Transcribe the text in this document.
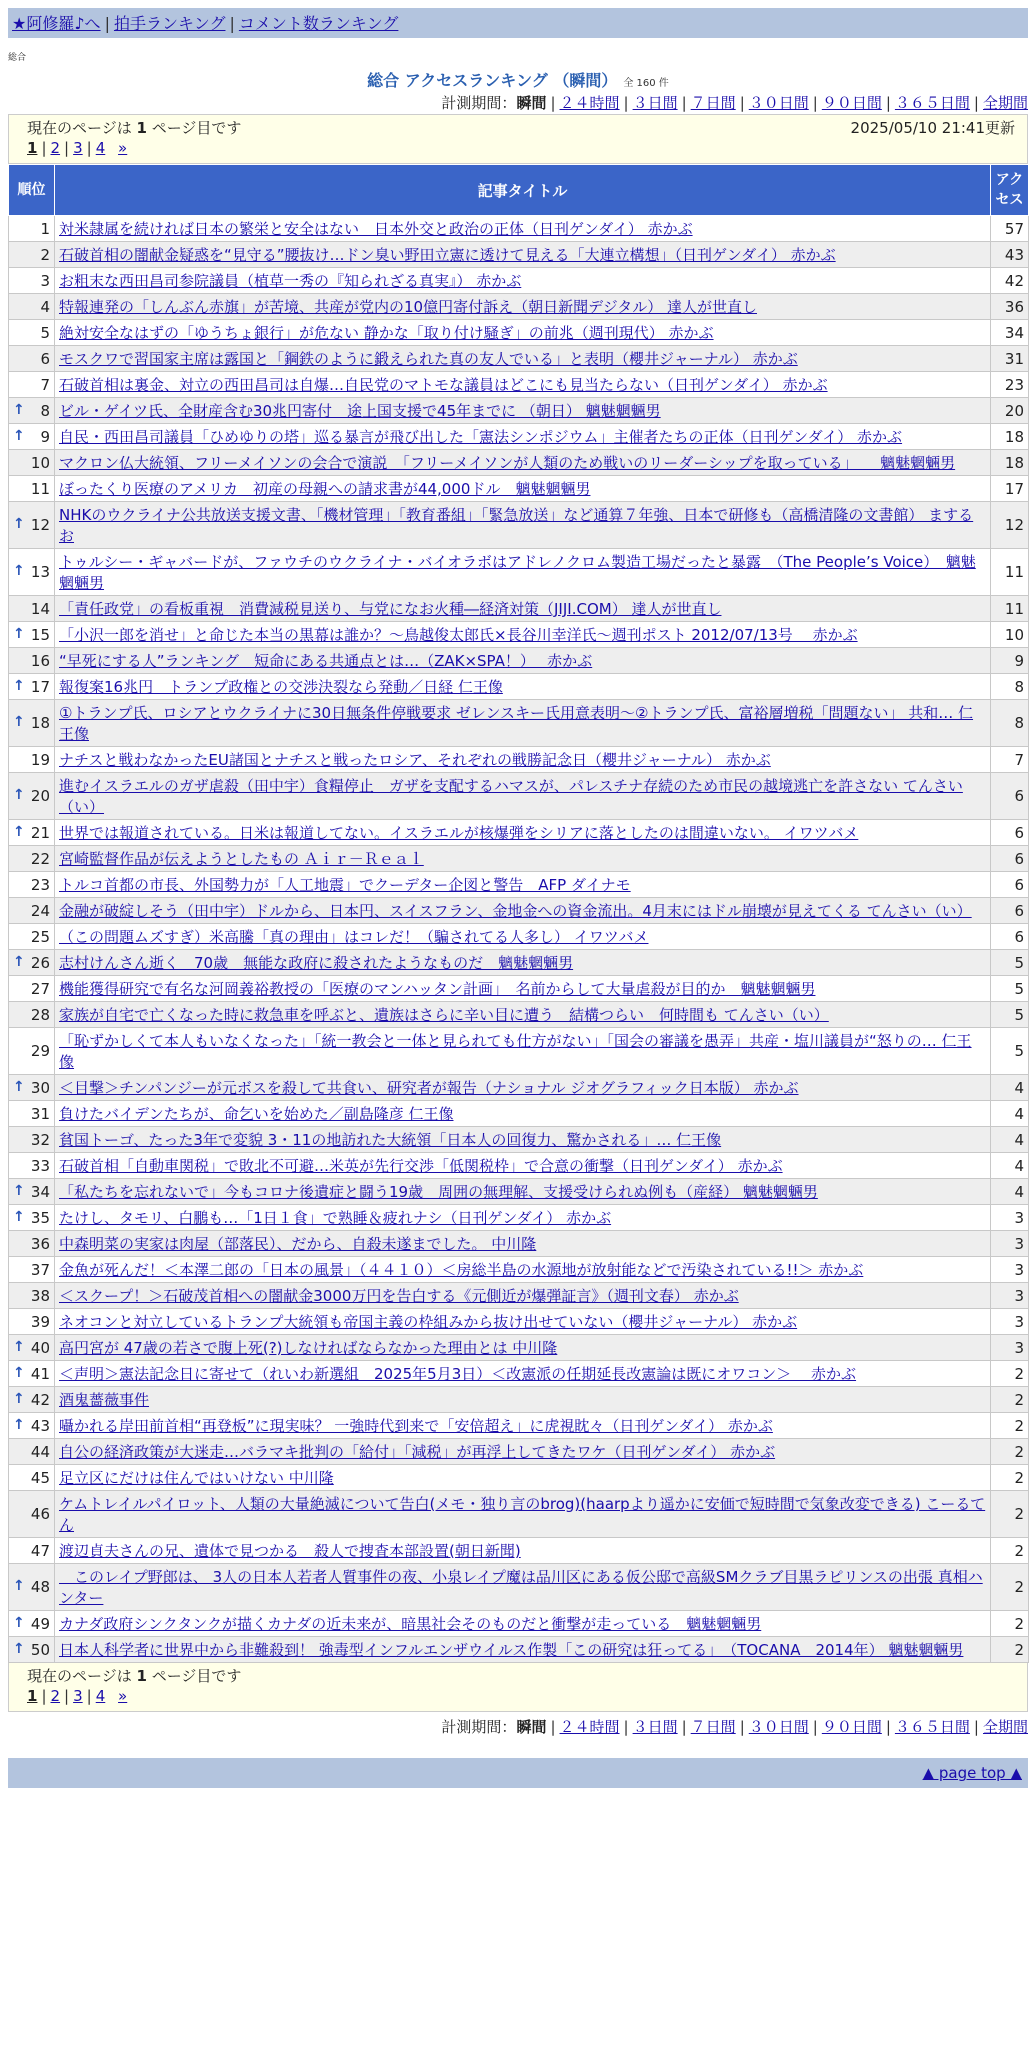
★阿修羅♪へ | 拍手ランキング | コメント数ランキング
総合
総合 アクセスランキング （瞬間） 全 160 件
計測期間：瞬間 | ２４時間 | ３日間 | ７日間 | ３０日間 | ９０日間 | ３６５日間 | 全期間
現在のページは 1 ページ目です	2025/05/10 21:41更新
1 | 2 | 3 | 4 »
順位	記事タイトル	アクセス
1	対米隷属を続ければ日本の繁栄と安全はない　日本外交と政治の正体（日刊ゲンダイ） 赤かぶ	57
2	石破首相の闇献金疑惑を“見守る”腰抜け…ドン臭い野田立憲に透けて見える「大連立構想」（日刊ゲンダイ） 赤かぶ	43
3	お粗末な西田昌司参院議員（植草一秀の『知られざる真実』） 赤かぶ	42
4	特報連発の「しんぶん赤旗」が苦境、共産が党内の10億円寄付訴え（朝日新聞デジタル） 達人が世直し	36
5	絶対安全なはずの「ゆうちょ銀行」が危ない 静かな「取り付け騒ぎ」の前兆（週刊現代） 赤かぶ	34
6	モスクワで習国家主席は露国と「鋼鉄のように鍛えられた真の友人でいる」と表明（櫻井ジャーナル） 赤かぶ	31
7	石破首相は裏金、対立の西田昌司は自爆…自民党のマトモな議員はどこにも見当たらない（日刊ゲンダイ） 赤かぶ	23

↑ 8	ビル・ゲイツ氏、全財産含む30兆円寄付　途上国支援で45年までに （朝日） 魑魅魍魎男	20

↑ 9	自民・西田昌司議員「ひめゆりの塔」巡る暴言が飛び出した「憲法シンポジウム」主催者たちの正体（日刊ゲンダイ） 赤かぶ	18
10	マクロン仏大統領、フリーメイソンの会合で演説　「フリーメイソンが人類のため戦いのリーダーシップを取っている」　　魑魅魍魎男	18
11	ぼったくり医療のアメリカ　初産の母親への請求書が44,000ドル　魑魅魍魎男	17

↑ 12	NHKのウクライナ公共放送支援文書、「機材管理」「教育番組」「緊急放送」など通算７年強、日本で研修も（高橋清隆の文書館） まするお	12

↑ 13	トゥルシー・ギャバードが、ファウチのウクライナ・バイオラボはアドレノクロム製造工場だったと暴露　（The People’s Voice）　魑魅魍魎男	11
14	「責任政党」の看板重視　消費減税見送り、与党になお火種―経済対策（JIJI.COM） 達人が世直し	11

↑ 15	「小沢一郎を消せ」と命じた本当の黒幕は誰か？～鳥越俊太郎氏×長谷川幸洋氏～週刊ポスト 2012/07/13号　 赤かぶ	10
16	“早死にする人”ランキング　短命にある共通点とは…（ZAK×SPA！）　 赤かぶ	9

↑ 17	報復案16兆円　トランプ政権との交渉決裂なら発動／日経 仁王像	8

↑ 18	①トランプ氏、ロシアとウクライナに30日無条件停戦要求 ゼレンスキー氏用意表明～②トランプ氏、富裕層増税「問題ない」 共和… 仁王像	8
19	ナチスと戦わなかったEU諸国とナチスと戦ったロシア、それぞれの戦勝記念日（櫻井ジャーナル） 赤かぶ	7

↑ 20	進むイスラエルのガザ虐殺（田中宇）食糧停止　ガザを支配するハマスが、パレスチナ存続のため市民の越境逃亡を許さない てんさい（い）	6

↑ 21	世界では報道されている。日米は報道してない。イスラエルが核爆弾をシリアに落としたのは間違いない。 イワツバメ	6
22	宮崎監督作品が伝えようとしたもの Ａｉｒ－Ｒｅａｌ	6
23	トルコ首都の市長、外国勢力が「人工地震」でクーデター企図と警告　AFP ダイナモ	6
24	金融が破綻しそう（田中宇）ドルから、日本円、スイスフラン、金地金への資金流出。4月末にはドル崩壊が見えてくる てんさい（い）	6
25	（この問題ムズすぎ）米高騰「真の理由」はコレだ！（騙されてる人多し） イワツバメ	6

↑ 26	志村けんさん逝く　70歳　無能な政府に殺されたようなものだ　魑魅魍魎男	5
27	機能獲得研究で有名な河岡義裕教授の「医療のマンハッタン計画」　名前からして大量虐殺が目的か　魑魅魍魎男	5
28	家族が自宅で亡くなった時に救急車を呼ぶと、遺族はさらに辛い目に遭う　結構つらい　何時間も てんさい（い）	5
29	「恥ずかしくて本人もいなくなった」「統一教会と一体と見られても仕方がない」「国会の審議を愚弄」共産・塩川議員が“怒りの… 仁王像	5

↑ 30	＜目撃＞チンパンジーが元ボスを殺して共食い、研究者が報告（ナショナル ジオグラフィック日本版） 赤かぶ	4
31	負けたバイデンたちが、命乞いを始めた／副島隆彦 仁王像	4
32	貧国トーゴ、たった3年で変貌 3・11の地訪れた大統領「日本人の回復力、驚かされる」… 仁王像	4
33	石破首相「自動車関税」で敗北不可避…米英が先行交渉「低関税枠」で合意の衝撃（日刊ゲンダイ） 赤かぶ	4

↑ 34	「私たちを忘れないで」今もコロナ後遺症と闘う19歳　周囲の無理解、支援受けられぬ例も（産経） 魑魅魍魎男	4

↑ 35	たけし、タモリ、白鵬も…「1日１食」で熟睡＆疲れナシ（日刊ゲンダイ） 赤かぶ	3
36	中森明菜の実家は肉屋（部落民）、だから、自殺未遂までした。 中川隆	3
37	金魚が死んだ！＜本澤二郎の「日本の風景」（４４１０）＜房総半島の水源地が放射能などで汚染されている!!＞ 赤かぶ	3
38	＜スクープ！＞石破茂首相への闇献金3000万円を告白する《元側近が爆弾証言》（週刊文春） 赤かぶ	3
39	ネオコンと対立しているトランプ大統領も帝国主義の枠組みから抜け出せていない（櫻井ジャーナル） 赤かぶ	3

↑ 40	高円宮が 47歳の若さで腹上死(?)しなければならなかった理由とは 中川隆	3

↑ 41	＜声明＞憲法記念日に寄せて（れいわ新選組　2025年5月3日）＜改憲派の任期延長改憲論は既にオワコン＞　 赤かぶ	2

↑ 42	酒鬼薔薇事件	2

↑ 43	囁かれる岸田前首相“再登板”に現実味？ 一強時代到来で「安倍超え」に虎視眈々（日刊ゲンダイ） 赤かぶ	2
44	自公の経済政策が大迷走…バラマキ批判の「給付」「減税」が再浮上してきたワケ（日刊ゲンダイ） 赤かぶ	2
45	足立区にだけは住んではいけない 中川隆	2
46	ケムトレイルパイロット、人類の大量絶滅について告白(メモ・独り言のbrog)(haarpより遥かに安価で短時間で気象改変できる) こーるてん	2
47	渡辺貞夫さんの兄、遺体で見つかる　殺人で捜査本部設置(朝日新聞)	2

↑ 48	　このレイプ野郎は、 3人の日本人若者人質事件の夜、小泉レイプ魔は品川区にある仮公邸で高級SMクラブ目黒ラピリンスの出張 真相ハンター	2

↑ 49	カナダ政府シンクタンクが描くカナダの近未来が、暗黒社会そのものだと衝撃が走っている　魑魅魍魎男	2

↑ 50	日本人科学者に世界中から非難殺到！ 強毒型インフルエンザウイルス作製「この研究は狂ってる」　（TOCANA　2014年） 魑魅魍魎男	2
現在のページは 1 ページ目です
1 | 2 | 3 | 4 »
計測期間：瞬間 | ２４時間 | ３日間 | ７日間 | ３０日間 | ９０日間 | ３６５日間 | 全期間
▲ page top ▲
